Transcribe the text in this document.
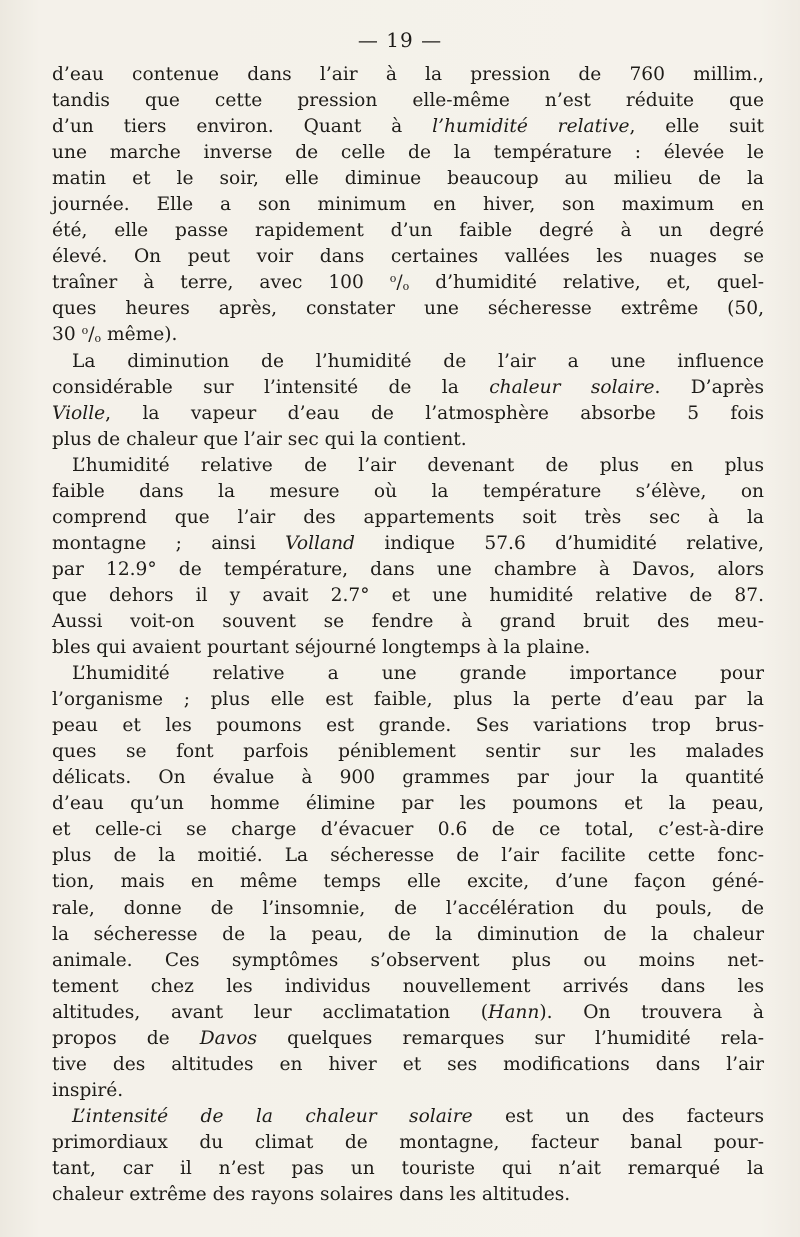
— 19 —
d’eau contenue dans l’air à la pression de 760 millim.,
tandis que cette pression elle-même n’est réduite que
d’un tiers environ. Quant à l’humidité relative, elle suit
une marche inverse de celle de la température : élevée le
matin et le soir, elle diminue beaucoup au milieu de la
journée. Elle a son minimum en hiver, son maximum en
été, elle passe rapidement d’un faible degré à un degré
élevé. On peut voir dans certaines vallées les nuages se
traîner à terre, avec 100 $^o/_o$ d’humidité relative, et, quel-
ques heures après, constater une sécheresse extrême (50,
30 $^o/_o$ même).
La diminution de l’humidité de l’air a une influence
considérable sur l’intensité de la chaleur solaire. D’après
Violle, la vapeur d’eau de l’atmosphère absorbe 5 fois
plus de chaleur que l’air sec qui la contient.
L’humidité relative de l’air devenant de plus en plus
faible dans la mesure où la température s’élève, on
comprend que l’air des appartements soit très sec à la
montagne ; ainsi Volland indique 57.6 d’humidité relative,
par 12.9° de température, dans une chambre à Davos, alors
que dehors il y avait 2.7° et une humidité relative de 87.
Aussi voit-on souvent se fendre à grand bruit des meu-
bles qui avaient pourtant séjourné longtemps à la plaine.
L’humidité relative a une grande importance pour
l’organisme ; plus elle est faible, plus la perte d’eau par la
peau et les poumons est grande. Ses variations trop brus-
ques se font parfois péniblement sentir sur les malades
délicats. On évalue à 900 grammes par jour la quantité
d’eau qu’un homme élimine par les poumons et la peau,
et celle-ci se charge d’évacuer 0.6 de ce total, c’est-à-dire
plus de la moitié. La sécheresse de l’air facilite cette fonc-
tion, mais en même temps elle excite, d’une façon géné-
rale, donne de l’insomnie, de l’accélération du pouls, de
la sécheresse de la peau, de la diminution de la chaleur
animale. Ces symptômes s’observent plus ou moins net-
tement chez les individus nouvellement arrivés dans les
altitudes, avant leur acclimatation (Hann). On trouvera à
propos de Davos quelques remarques sur l’humidité rela-
tive des altitudes en hiver et ses modifications dans l’air
inspiré.
L’intensité de la chaleur solaire est un des facteurs
primordiaux du climat de montagne, facteur banal pour-
tant, car il n’est pas un touriste qui n’ait remarqué la
chaleur extrême des rayons solaires dans les altitudes.
